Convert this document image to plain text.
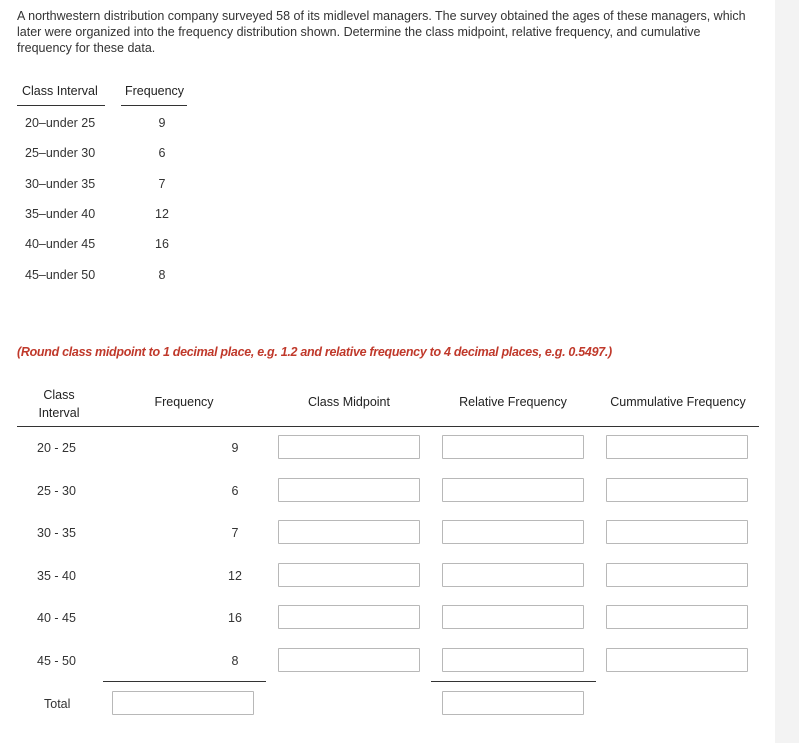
A northwestern distribution company surveyed 58 of its midlevel managers. The survey obtained the ages of these managers, which later were organized into the frequency distribution shown. Determine the class midpoint, relative frequency, and cumulative frequency for these data.
Class Interval Frequency
20–under 25	9
25–under 30	6
30–under 35	7
35–under 40	12
40–under 45	16
45–under 50	8
(Round class midpoint to 1 decimal place, e.g. 1.2 and relative frequency to 4 decimal places, e.g. 0.5497.)
Class
Interval
Frequency	Class Midpoint	Relative Frequency	Cummulative Frequency
20 - 25	9
25 - 30	6
30 - 35	7
35 - 40	12
40 - 45	16
45 - 50	8
Total
